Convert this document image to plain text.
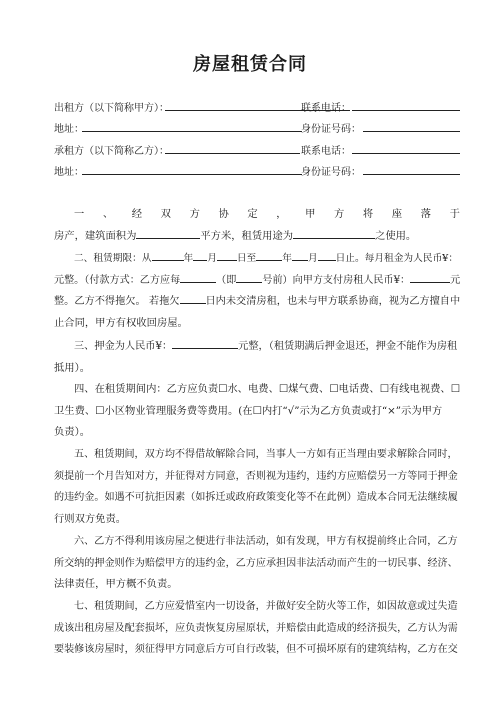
房屋租赁合同
出租方（以下简称甲方）：	联系电话：
地址：	身份证号码：
承租方（以下简称乙方）：	联系电话：
地址：	身份证号码：
一 、 经 双 方 协 定 ， 甲 方 将 座 落 于
房产，建筑面积为	平方米，租赁用途为	之使用。
二、租赁期限：从	年 月 日至	年 月 日止。每月租金为人民币¥：
元整。（付款方式：乙方应每	（即	号前）向甲方支付房租人民币¥：	元
整。乙方不得拖欠。 若拖欠	日内未交清房租，也未与甲方联系协商，视为乙方擅自中
止合同，甲方有权收回房屋。
三、押金为人民币¥：	元整，（租赁期满后押金退还，押金不能作为房租
抵用）。
四、在租赁期间内：乙方应负责☐水、电费、☐煤气费、☐电话费、☐有线电视费、☐
卫生费、☐小区物业管理服务费等费用。(在☐内打“√”示为乙方负责或打“×”示为甲方
负责）。
五、租赁期间，双方均不得借故解除合同，当事人一方如有正当理由要求解除合同时，
须提前一个月告知对方，并征得对方同意，否则视为违约，违约方应赔偿另一方等同于押金
的违约金。如遇不可抗拒因素（如拆迁或政府政策变化等不在此例）造成本合同无法继续履
行则双方免责。
六、乙方不得利用该房屋之便进行非法活动，如有发现，甲方有权提前终止合同，乙方
所交纳的押金则作为赔偿甲方的违约金，乙方应承担因非法活动而产生的一切民事、经济、
法律责任，甲方概不负责。
七、租赁期间，乙方应爱惜室内一切设备，并做好安全防火等工作，如因故意或过失造
成该出租房屋及配套损坏，应负责恢复房屋原状，并赔偿由此造成的经济损失，乙方认为需
要装修该房屋时，须征得甲方同意后方可自行改装，但不可损坏原有的建筑结构，乙方在交
